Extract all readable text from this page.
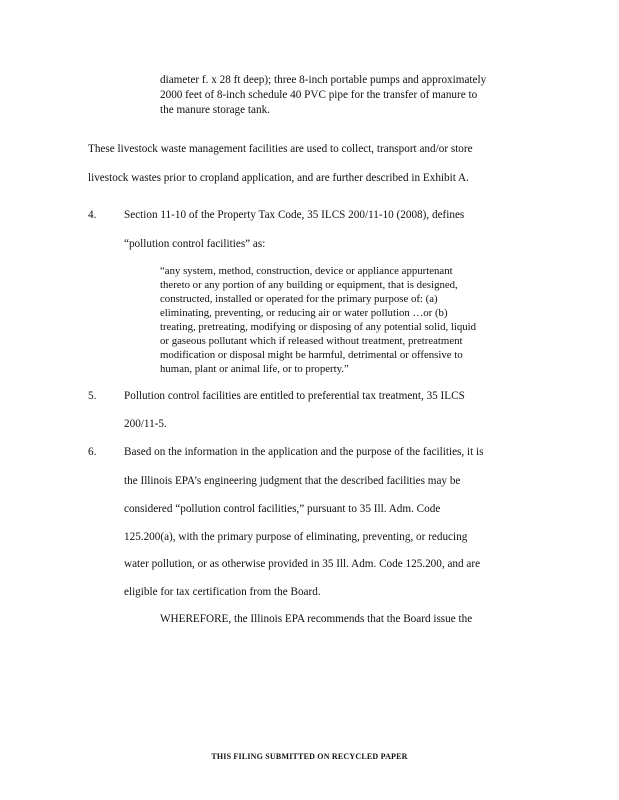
diameter f. x 28 ft deep); three 8-inch portable pumps and approximately
2000 feet of 8-inch schedule 40 PVC pipe for the transfer of manure to
the manure storage tank.
These livestock waste management facilities are used to collect, transport and/or store
livestock wastes prior to cropland application, and are further described in Exhibit A.
4. Section 11-10 of the Property Tax Code, 35 ILCS 200/11-10 (2008), defines
“pollution control facilities” as:
“any system, method, construction, device or appliance appurtenant
thereto or any portion of any building or equipment, that is designed,
constructed, installed or operated for the primary purpose of: (a)
eliminating, preventing, or reducing air or water pollution …or (b)
treating, pretreating, modifying or disposing of any potential solid, liquid
or gaseous pollutant which if released without treatment, pretreatment
modification or disposal might be harmful, detrimental or offensive to
human, plant or animal life, or to property.”
5. Pollution control facilities are entitled to preferential tax treatment, 35 ILCS
200/11-5.
6. Based on the information in the application and the purpose of the facilities, it is
the Illinois EPA’s engineering judgment that the described facilities may be
considered “pollution control facilities,” pursuant to 35 Ill. Adm. Code
125.200(a), with the primary purpose of eliminating, preventing, or reducing
water pollution, or as otherwise provided in 35 Ill. Adm. Code 125.200, and are
eligible for tax certification from the Board.
WHEREFORE, the Illinois EPA recommends that the Board issue the
THIS FILING SUBMITTED ON RECYCLED PAPER
